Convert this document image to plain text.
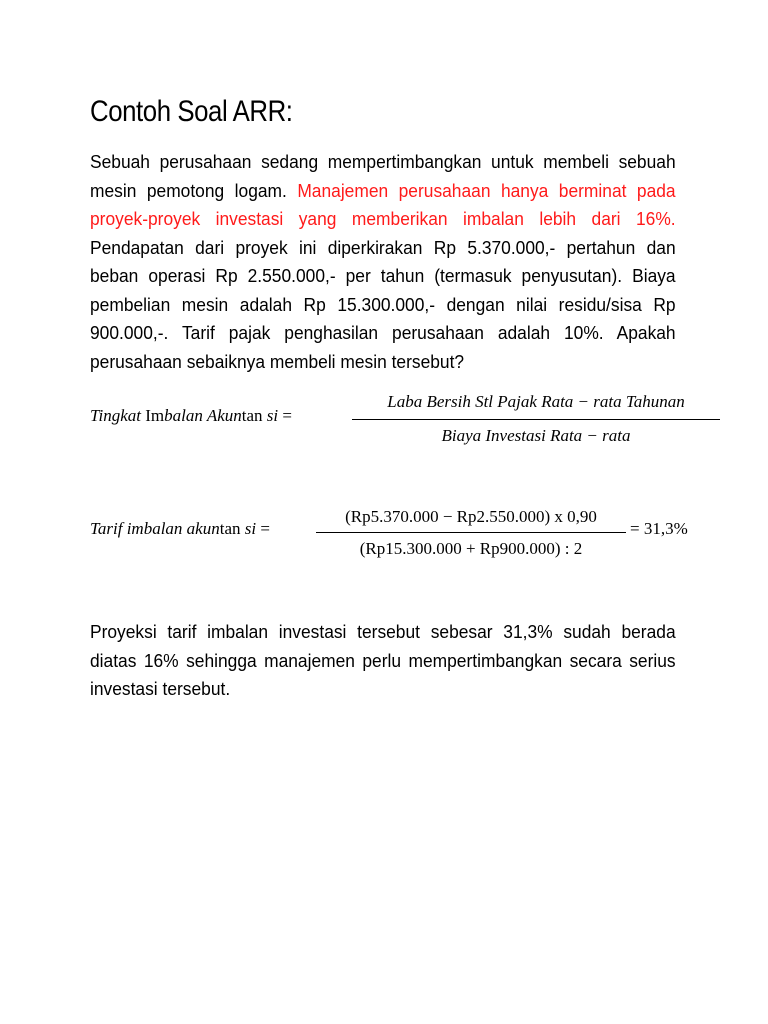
Contoh Soal ARR:
Sebuah perusahaan sedang mempertimbangkan untuk membeli sebuah mesin pemotong logam. Manajemen perusahaan hanya berminat pada proyek-proyek investasi yang memberikan imbalan lebih dari 16%. Pendapatan dari proyek ini diperkirakan Rp 5.370.000,- pertahun dan beban operasi Rp 2.550.000,- per tahun (termasuk penyusutan). Biaya pembelian mesin adalah Rp 15.300.000,- dengan nilai residu/sisa Rp 900.000,-. Tarif pajak penghasilan perusahaan adalah 10%. Apakah perusahaan sebaiknya membeli mesin tersebut?
Tingkat Imbalan Akuntan si =
Laba Bersih Stl Pajak Rata − rata Tahunan
Biaya Investasi Rata − rata
Tarif imbalan akuntan si =
(Rp5.370.000 − Rp2.550.000) x 0,90
(Rp15.300.000 + Rp900.000) : 2
= 31,3%
Proyeksi tarif imbalan investasi tersebut sebesar 31,3% sudah berada diatas 16% sehingga manajemen perlu mempertimbangkan secara serius investasi tersebut.
